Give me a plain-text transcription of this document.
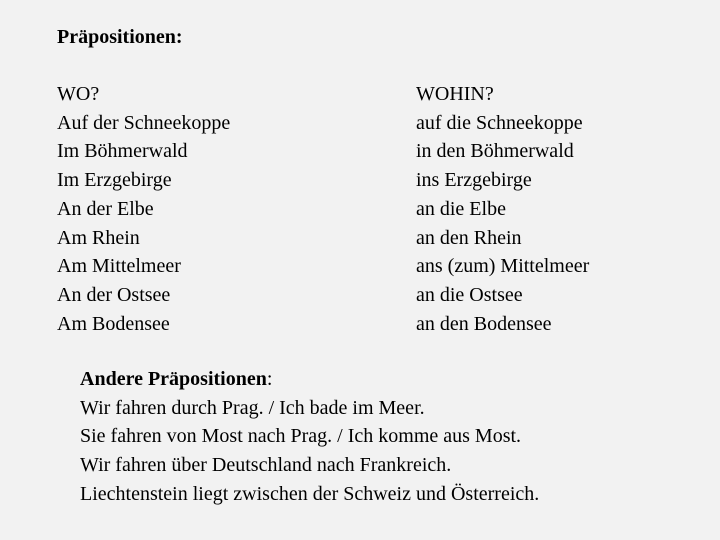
Präpositionen:
WO?
Auf der Schneekoppe
Im Böhmerwald
Im Erzgebirge
An der Elbe
Am Rhein
Am Mittelmeer
An der Ostsee
Am Bodensee
WOHIN?
auf die Schneekoppe
in den Böhmerwald
ins Erzgebirge
an die Elbe
an den Rhein
ans (zum) Mittelmeer
an die Ostsee
an den Bodensee
Andere Präpositionen:
Wir fahren durch Prag. / Ich bade im Meer.
Sie fahren von Most nach Prag. / Ich komme aus Most.
Wir fahren über Deutschland nach Frankreich.
Liechtenstein liegt zwischen der Schweiz und Österreich.
